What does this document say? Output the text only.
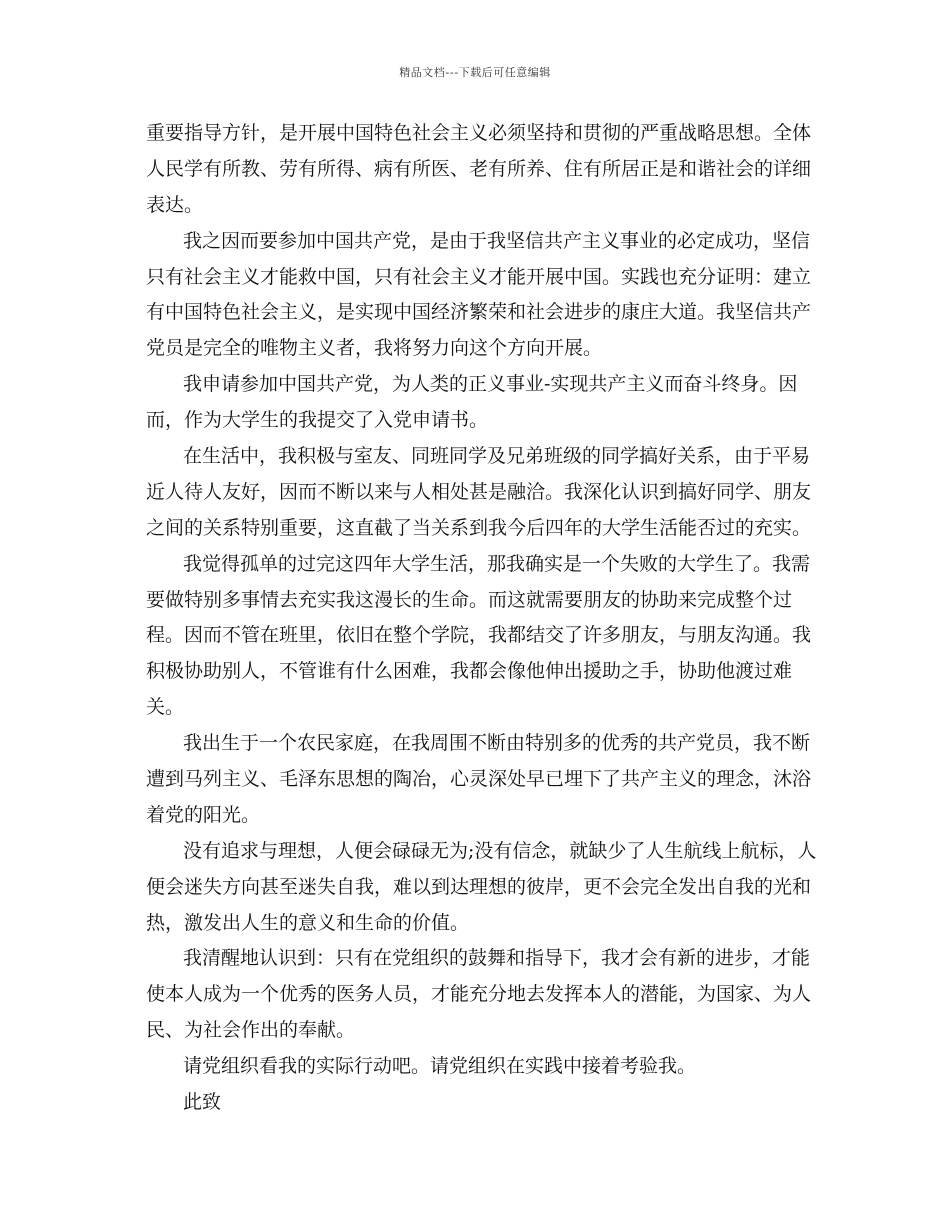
精品文档---下载后可任意编辑
重要指导方针，是开展中国特色社会主义必须坚持和贯彻的严重战略思想。全体
人民学有所教、劳有所得、病有所医、老有所养、住有所居正是和谐社会的详细
表达。
我之因而要参加中国共产党，是由于我坚信共产主义事业的必定成功，坚信
只有社会主义才能救中国，只有社会主义才能开展中国。实践也充分证明：建立
有中国特色社会主义，是实现中国经济繁荣和社会进步的康庄大道。我坚信共产
党员是完全的唯物主义者，我将努力向这个方向开展。
我申请参加中国共产党，为人类的正义事业-实现共产主义而奋斗终身。因
而，作为大学生的我提交了入党申请书。
在生活中，我积极与室友、同班同学及兄弟班级的同学搞好关系，由于平易
近人待人友好，因而不断以来与人相处甚是融洽。我深化认识到搞好同学、朋友
之间的关系特别重要，这直截了当关系到我今后四年的大学生活能否过的充实。
我觉得孤单的过完这四年大学生活，那我确实是一个失败的大学生了。我需
要做特别多事情去充实我这漫长的生命。而这就需要朋友的协助来完成整个过
程。因而不管在班里，依旧在整个学院，我都结交了许多朋友，与朋友沟通。我
积极协助别人，不管谁有什么困难，我都会像他伸出援助之手，协助他渡过难
关。
我出生于一个农民家庭，在我周围不断由特别多的优秀的共产党员，我不断
遭到马列主义、毛泽东思想的陶冶，心灵深处早已埋下了共产主义的理念，沐浴
着党的阳光。
没有追求与理想，人便会碌碌无为;没有信念，就缺少了人生航线上航标，人
便会迷失方向甚至迷失自我，难以到达理想的彼岸，更不会完全发出自我的光和
热，激发出人生的意义和生命的价值。
我清醒地认识到：只有在党组织的鼓舞和指导下，我才会有新的进步，才能
使本人成为一个优秀的医务人员，才能充分地去发挥本人的潜能，为国家、为人
民、为社会作出的奉献。
请党组织看我的实际行动吧。请党组织在实践中接着考验我。
此致
